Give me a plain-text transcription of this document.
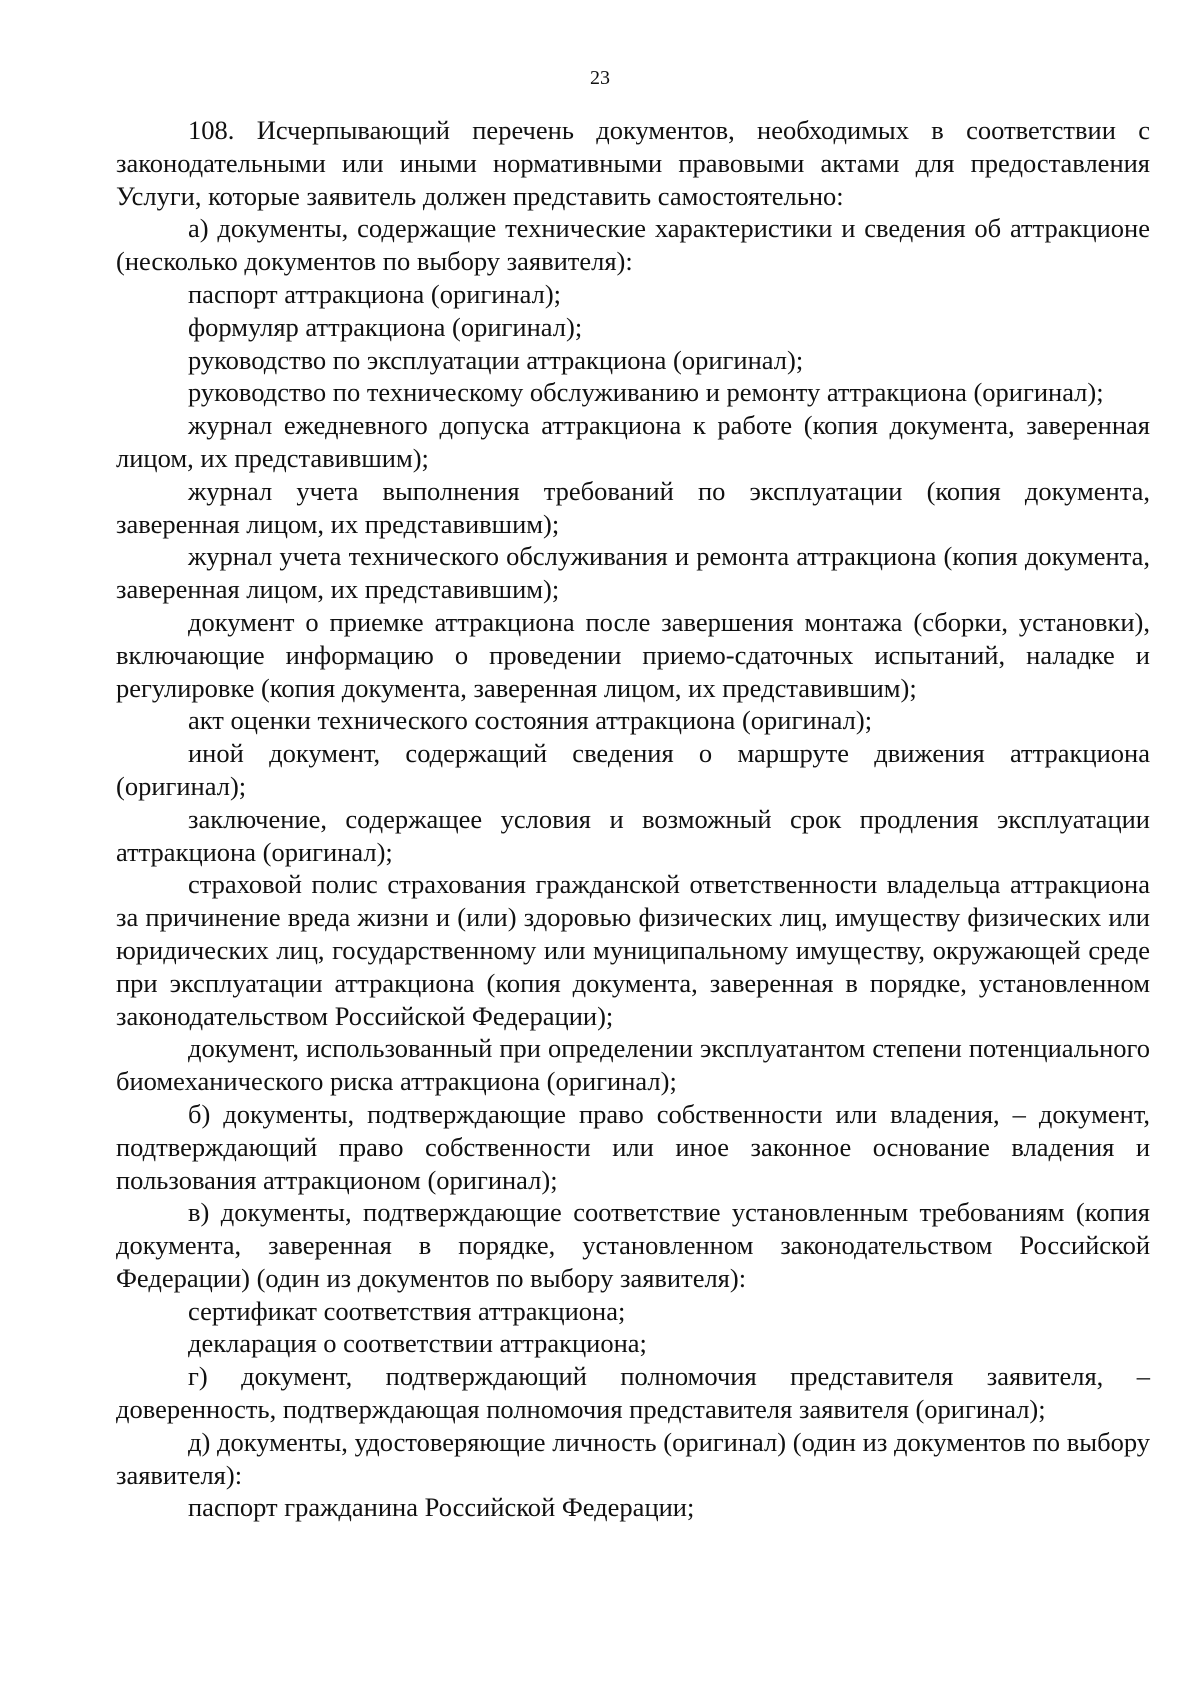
23

108. Исчерпывающий перечень документов, необходимых в соответствии с законодательными или иными нормативными правовыми актами для предоставления Услуги, которые заявитель должен представить самостоятельно:

а) документы, содержащие технические характеристики и сведения об аттракционе (несколько документов по выбору заявителя):

паспорт аттракциона (оригинал);

формуляр аттракциона (оригинал);

руководство по эксплуатации аттракциона (оригинал);

руководство по техническому обслуживанию и ремонту аттракциона (оригинал);

журнал ежедневного допуска аттракциона к работе (копия документа, заверенная лицом, их представившим);

журнал учета выполнения требований по эксплуатации (копия документа, заверенная лицом, их представившим);

журнал учета технического обслуживания и ремонта аттракциона (копия документа, заверенная лицом, их представившим);

документ о приемке аттракциона после завершения монтажа (сборки, установки), включающие информацию о проведении приемо-сдаточных испытаний, наладке и регулировке (копия документа, заверенная лицом, их представившим);

акт оценки технического состояния аттракциона (оригинал);

иной документ, содержащий сведения о маршруте движения аттракциона (оригинал);

заключение, содержащее условия и возможный срок продления эксплуатации аттракциона (оригинал);

страховой полис страхования гражданской ответственности владельца аттракциона за причинение вреда жизни и (или) здоровью физических лиц, имуществу физических или юридических лиц, государственному или муниципальному имуществу, окружающей среде при эксплуатации аттракциона (копия документа, заверенная в порядке, установленном законодательством Российской Федерации);

документ, использованный при определении эксплуатантом степени потенциального биомеханического риска аттракциона (оригинал);

б) документы, подтверждающие право собственности или владения, – документ, подтверждающий право собственности или иное законное основание владения и пользования аттракционом (оригинал);

в) документы, подтверждающие соответствие установленным требованиям (копия документа, заверенная в порядке, установленном законодательством Российской Федерации) (один из документов по выбору заявителя):

сертификат соответствия аттракциона;

декларация о соответствии аттракциона;

г) документ, подтверждающий полномочия представителя заявителя, – доверенность, подтверждающая полномочия представителя заявителя (оригинал);

д) документы, удостоверяющие личность (оригинал) (один из документов по выбору заявителя):

паспорт гражданина Российской Федерации;
